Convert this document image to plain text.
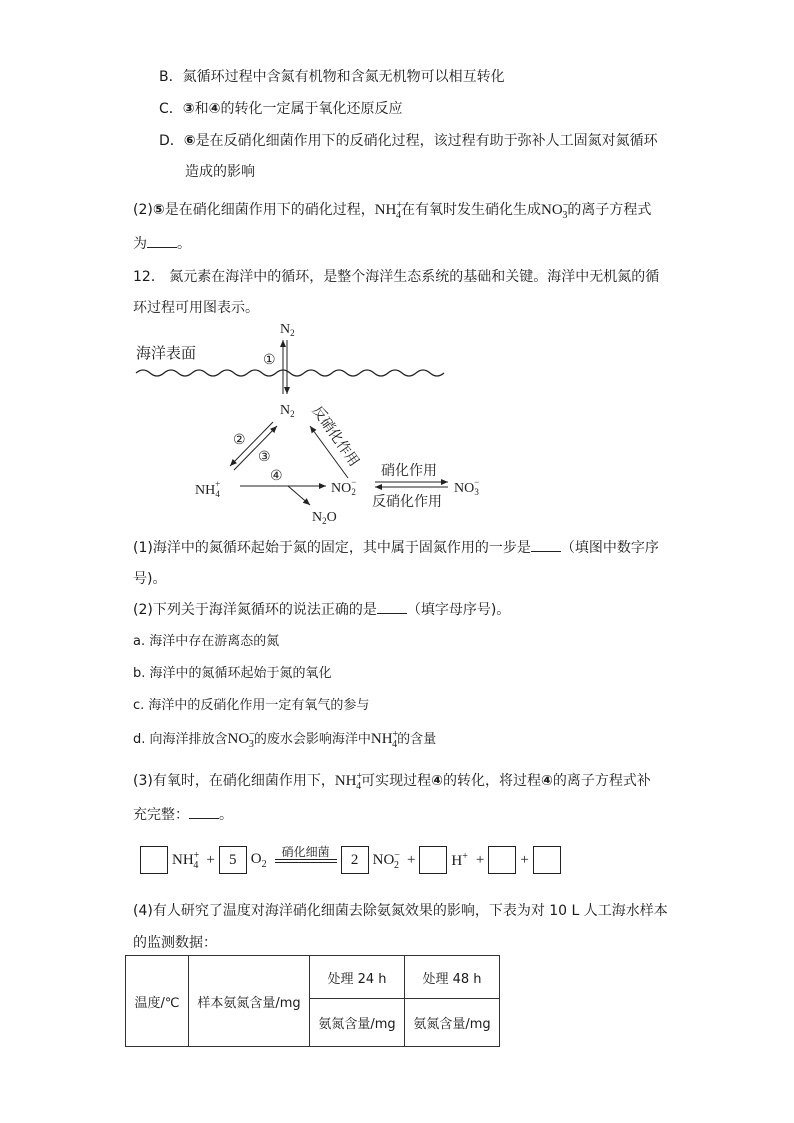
B．氮循环过程中含氮有机物和含氮无机物可以相互转化
C．③和④的转化一定属于氧化还原反应
D．⑥是在反硝化细菌作用下的反硝化过程，该过程有助于弥补人工固氮对氮循环
造成的影响
(2)⑤是在硝化细菌作用下的硝化过程，$NH^+_4$在有氧时发生硝化生成$NO^-_3$的离子方程式
为 。
12． 氮元素在海洋中的循环，是整个海洋生态系统的基础和关键。海洋中无机氮的循
环过程可用图表示。
海洋表面
$N_2$
①
$N_2$
②
③	反硝化作用
④
NH+ 4	NO− 2
$N_2O$
硝化作用
反硝化作用
NO− 3
(1)海洋中的氮循环起始于氮的固定，其中属于固氮作用的一步是 （填图中数字序
号)。
(2)下列关于海洋氮循环的说法正确的是 （填字母序号)。
a. 海洋中存在游离态的氮
b. 海洋中的氮循环起始于氮的氧化
c. 海洋中的反硝化作用一定有氧气的参与
d. 向海洋排放含$NO^-_3$的废水会影响海洋中$NH^+_4$的含量
(3)有氧时，在硝化细菌作用下，$NH^+_4$可实现过程④的转化，将过程④的离子方程式补
充完整： 。
$NH^+_4 + 5$ $O_2$
硝化细菌	2 $NO^-_2 + H^+$ + +
(4)有人研究了温度对海洋硝化细菌去除氨氮效果的影响，下表为对 10 L 人工海水样本
的监测数据：
温度/℃	样本氨氮含量/mg	处理 24 h	处理 48 h
		氨氮含量/mg	氨氮含量/mg
